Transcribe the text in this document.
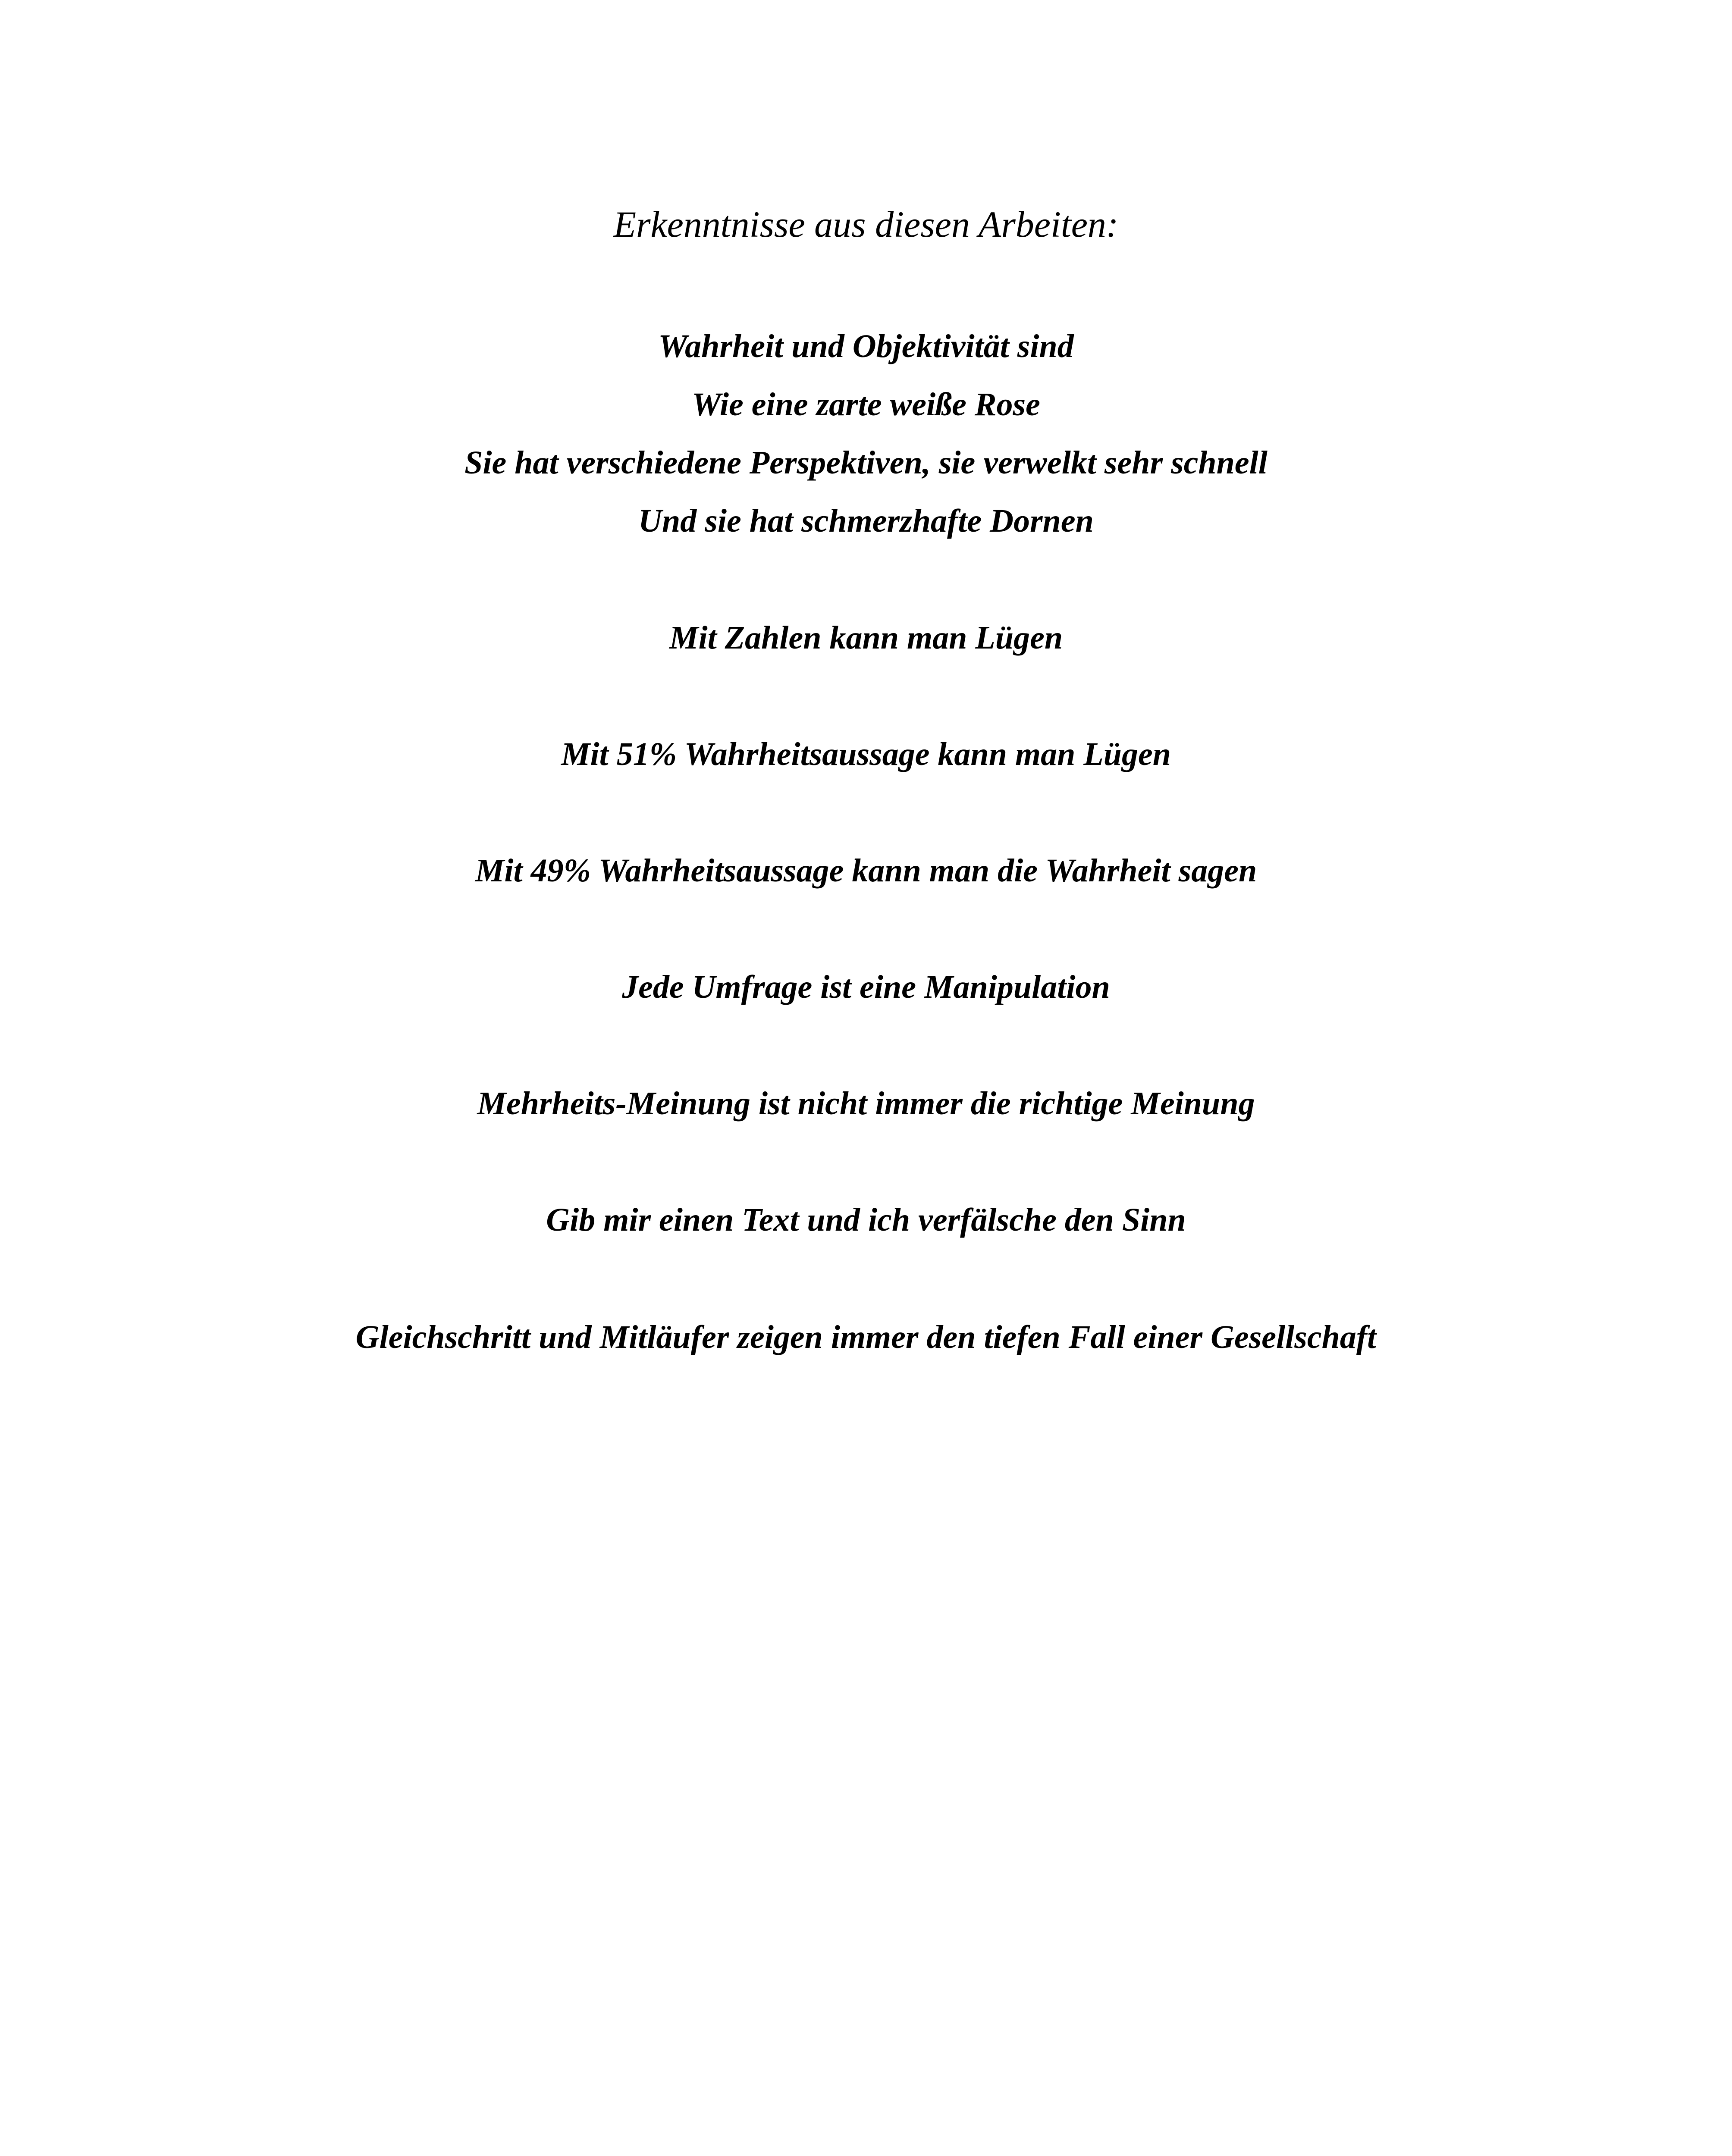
Erkenntnisse aus diesen Arbeiten:
Wahrheit und Objektivität sind
Wie eine zarte weiße Rose
Sie hat verschiedene Perspektiven, sie verwelkt sehr schnell
Und sie hat schmerzhafte Dornen
Mit Zahlen kann man Lügen
Mit 51% Wahrheitsaussage kann man Lügen
Mit 49% Wahrheitsaussage kann man die Wahrheit sagen
Jede Umfrage ist eine Manipulation
Mehrheits-Meinung ist nicht immer die richtige Meinung
Gib mir einen Text und ich verfälsche den Sinn
Gleichschritt und Mitläufer zeigen immer den tiefen Fall einer Gesellschaft
